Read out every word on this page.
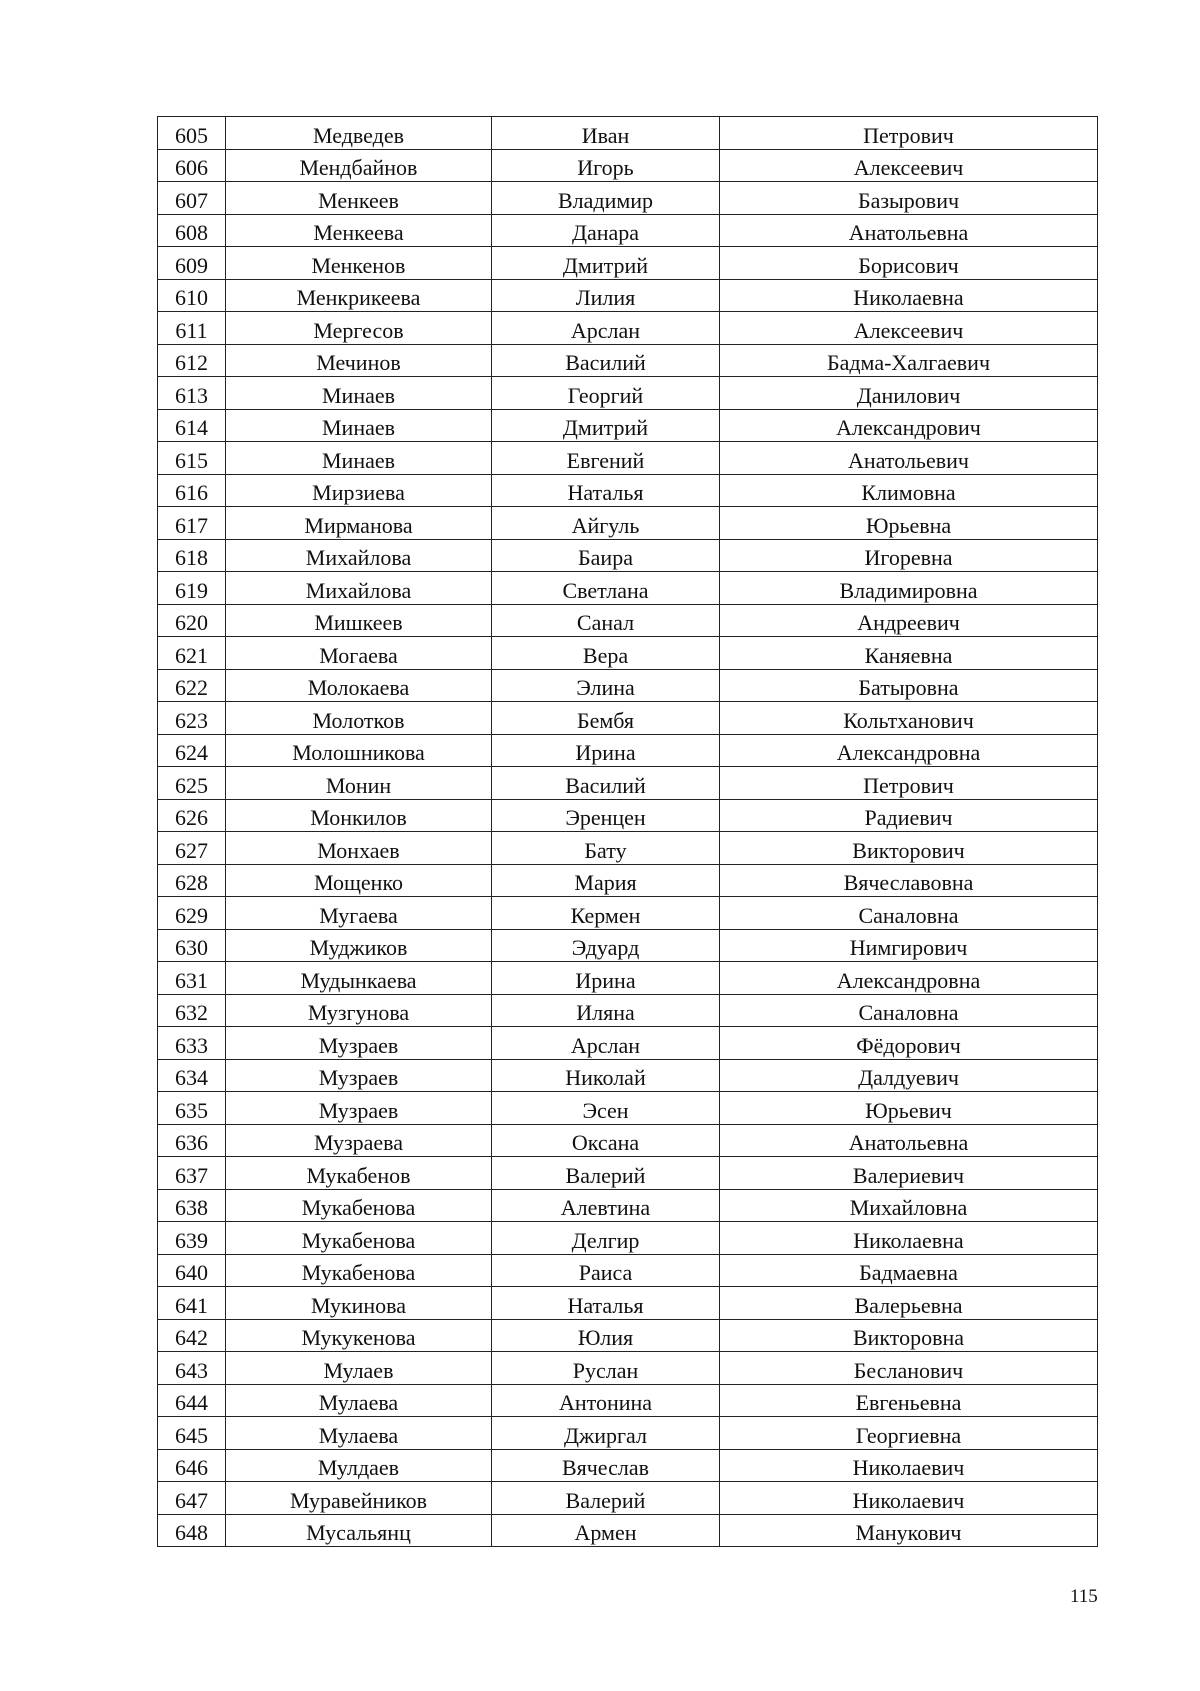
605	Медведев	Иван	Петрович
606	Мендбайнов	Игорь	Алексеевич
607	Менкеев	Владимир	Базырович
608	Менкеева	Данара	Анатольевна
609	Менкенов	Дмитрий	Борисович
610	Менкрикеева	Лилия	Николаевна
611	Мергесов	Арслан	Алексеевич
612	Мечинов	Василий	Бадма-Халгаевич
613	Минаев	Георгий	Данилович
614	Минаев	Дмитрий	Александрович
615	Минаев	Евгений	Анатольевич
616	Мирзиева	Наталья	Климовна
617	Мирманова	Айгуль	Юрьевна
618	Михайлова	Баира	Игоревна
619	Михайлова	Светлана	Владимировна
620	Мишкеев	Санал	Андреевич
621	Могаева	Вера	Каняевна
622	Молокаева	Элина	Батыровна
623	Молотков	Бембя	Кольтханович
624	Молошникова	Ирина	Александровна
625	Монин	Василий	Петрович
626	Монкилов	Эренцен	Радиевич
627	Монхаев	Бату	Викторович
628	Мощенко	Мария	Вячеславовна
629	Мугаева	Кермен	Саналовна
630	Муджиков	Эдуард	Нимгирович
631	Мудынкаева	Ирина	Александровна
632	Музгунова	Иляна	Саналовна
633	Музраев	Арслан	Фёдорович
634	Музраев	Николай	Далдуевич
635	Музраев	Эсен	Юрьевич
636	Музраева	Оксана	Анатольевна
637	Мукабенов	Валерий	Валериевич
638	Мукабенова	Алевтина	Михайловна
639	Мукабенова	Делгир	Николаевна
640	Мукабенова	Раиса	Бадмаевна
641	Мукинова	Наталья	Валерьевна
642	Мукукенова	Юлия	Викторовна
643	Мулаев	Руслан	Бесланович
644	Мулаева	Антонина	Евгеньевна
645	Мулаева	Джиргал	Георгиевна
646	Мулдаев	Вячеслав	Николаевич
647	Муравейников	Валерий	Николаевич
648	Мусальянц	Армен	Манукович
115
